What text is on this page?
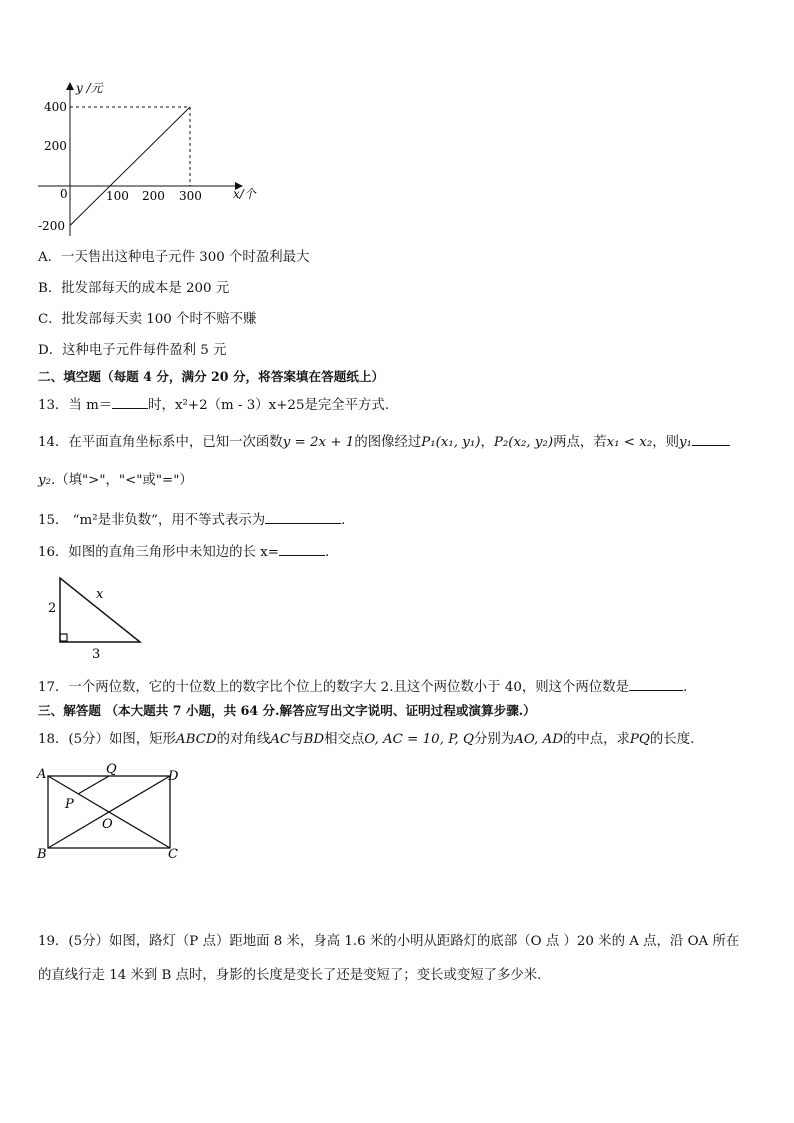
y /元
x/个
400
200
-200
0	100 200 300
A．一天售出这种电子元件 300 个时盈利最大
B．批发部每天的成本是 200 元
C．批发部每天卖 100 个时不赔不赚
D．这种电子元件每件盈利 5 元
二、填空题（每题 4 分，满分 20 分，将答案填在答题纸上）
13．当 m＝	时，x²+2（m - 3）x+25是完全平方式.
14．在平面直角坐标系中，已知一次函数y = 2x + 1的图像经过P₁(x₁, y₁)，P₂(x₂, y₂)两点，若x₁ < x₂，则y₁
y₂.（填">"，"<"或"="）
15． “m²是非负数”，用不等式表示为	.
16．如图的直角三角形中未知边的长 x=	.
2
3
x
17．一个两位数，它的十位数上的数字比个位上的数字大 2.且这个两位数小于 40，则这个两位数是	.
三、解答题 （本大题共 7 小题，共 64 分.解答应写出文字说明、证明过程或演算步骤.）
18．(5分）如图，矩形ABCD的对角线AC与BD相交点O, AC = 10, P, Q分别为AO, AD的中点，求PQ的长度.
A
B	C
D
O
P
Q
19．(5分）如图，路灯（P 点）距地面 8 米，身高 1.6 米的小明从距路灯的底部（O 点 ）20 米的 A 点，沿 OA 所在
的直线行走 14 米到 B 点时，身影的长度是变长了还是变短了；变长或变短了多少米.
